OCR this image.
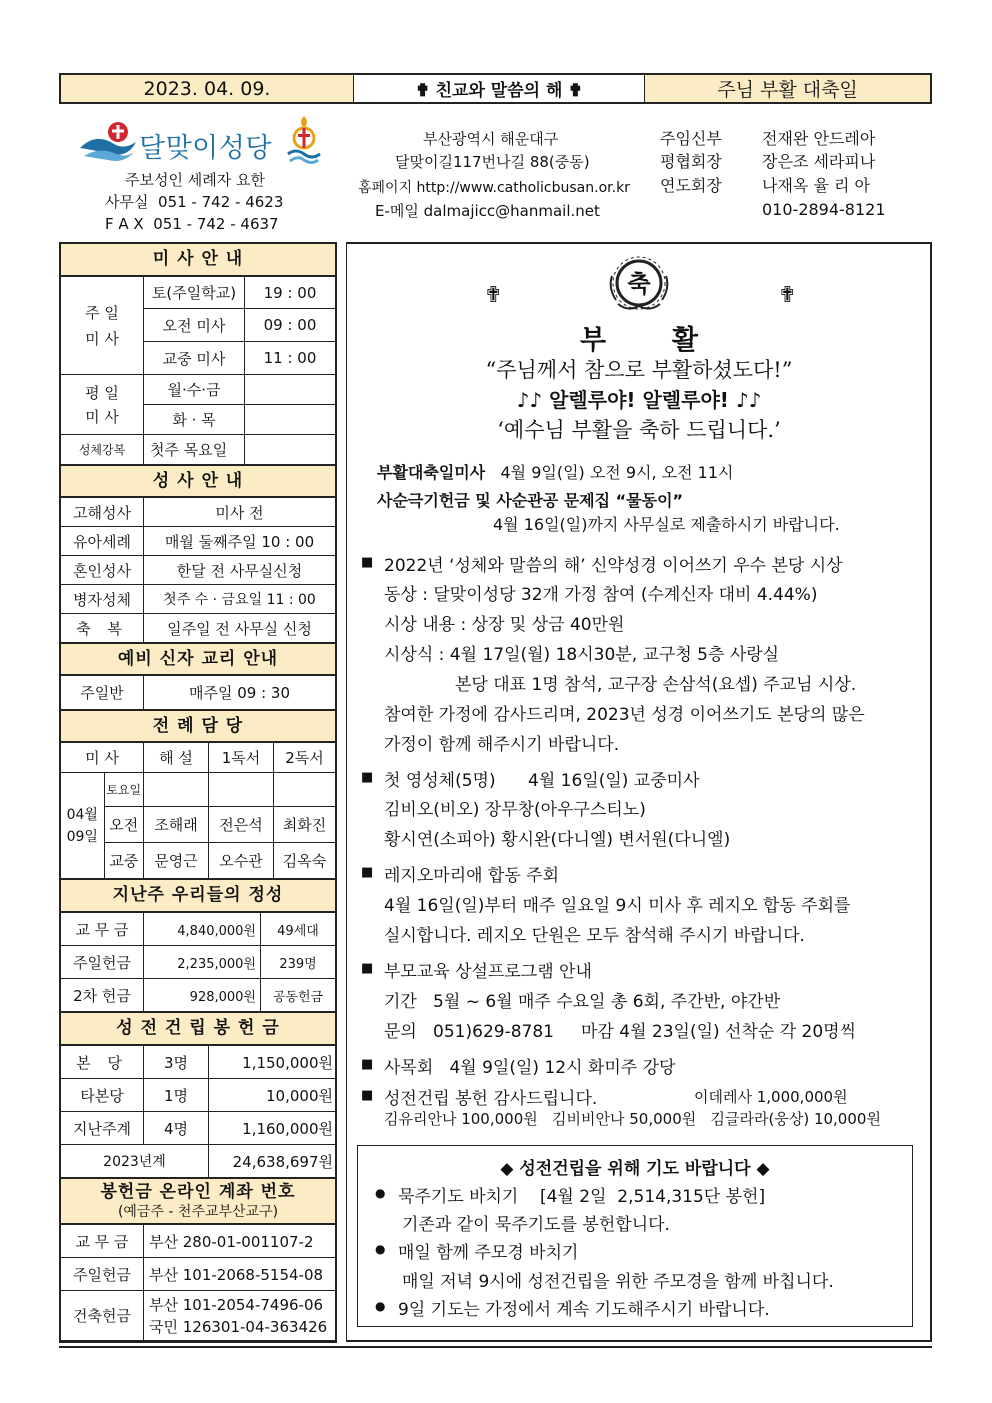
2023. 04. 09.	✟ 친교와 말씀의 해 ✟	주님 부활 대축일
달맞이성당
주보성인 세례자 요한
사무실 051 - 742 - 4623
F A X 051 - 742 - 4637
부산광역시 해운대구
달맞이길117번나길 88(중동)
홈페이지 http://www.catholicbusan.or.kr
E-메일 dalmajicc@hanmail.net
주임신부	전재완 안드레아
평협회장	장은조 세라피나
연도회장	나재옥 율 리 아
010-2894-8121
미 사 안 내
주 일 미 사	토(주일학교)	19 : 00
	오전 미사	09 : 00
	교중 미사	11 : 00

평 일 미 사	월·수·금	
	화 · 목	
성체강복	첫주 목요일	
성 사 안 내
고해성사	미사 전
유아세례	매월 둘째주일 10 : 00
혼인성사	한달 전 사무실신청
병자성체	첫주 수 · 금요일 11 : 00
축 복	일주일 전 사무실 신청
예비 신자 교리 안내
주일반	매주일 09 : 30
전 례 담 당
미 사		해 설	1독서	2독서

04월 09일	토요일			
	오전	조해래	전은석	최화진
	교중	문영근	오수관	김옥숙
지난주 우리들의 정성
교 무 금	4,840,000원	49세대
주일헌금	2,235,000원	239명
2차 헌금	928,000원	공동헌금
성 전 건 립 봉 헌 금
본 당	3명	1,150,000원
타본당	1명	10,000원
지난주계	4명	1,160,000원
2023년계		24,638,697원
봉헌금 온라인 계좌 번호
(예금주 - 천주교부산교구)
교 무 금	부산 280-01-001107-2
주일헌금	부산 101-2068-5154-08
건축헌금	부산 101-2054-7496-06
국민 126301-04-363426
✟	✟
축
부       활
“주님께서 참으로 부활하셨도다!”
♪♪ 알렐루야! 알렐루야! ♪♪
‘예수님 부활을 축하 드립니다.’
부활대축일미사 4월 9일(일) 오전 9시, 오전 11시
사순극기헌금 및 사순관공 문제집 “물동이”
4월 16일(일)까지 사무실로 제출하시기 바랍니다.
■ 2022년 ‘성체와 말씀의 해’ 신약성경 이어쓰기 우수 본당 시상
동상 : 달맞이성당 32개 가정 참여 (수계신자 대비 4.44%)
시상 내용 : 상장 및 상금 40만원
시상식 : 4월 17일(월) 18시30분, 교구청 5층 사랑실
본당 대표 1명 참석, 교구장 손삼석(요셉) 주교님 시상.
참여한 가정에 감사드리며, 2023년 성경 이어쓰기도 본당의 많은
가정이 함께 해주시기 바랍니다.
■ 첫 영성체(5명)      4월 16일(일) 교중미사
김비오(비오) 장무창(아우구스티노)
황시연(소피아) 황시완(다니엘) 변서원(다니엘)
■ 레지오마리애 합동 주회
4월 16일(일)부터 매주 일요일 9시 미사 후 레지오 합동 주회를
실시합니다. 레지오 단원은 모두 참석해 주시기 바랍니다.
■ 부모교육 상설프로그램 안내
기간   5월 ~ 6월 매주 수요일 총 6회, 주간반, 야간반
문의   051)629-8781     마감 4월 23일(일) 선착순 각 20명씩
■ 사목회   4월 9일(일) 12시 화미주 강당
■ 성전건립 봉헌 감사드립니다.	이데레사 1,000,000원
김유리안나 100,000원   김비비안나 50,000원   김글라라(웅상) 10,000원
◆ 성전건립을 위해 기도 바랍니다 ◆
● 묵주기도 바치기    [4월 2일  2,514,315단 봉헌]
기존과 같이 묵주기도를 봉헌합니다.
● 매일 함께 주모경 바치기
매일 저녁 9시에 성전건립을 위한 주모경을 함께 바칩니다.
● 9일 기도는 가정에서 계속 기도해주시기 바랍니다.
